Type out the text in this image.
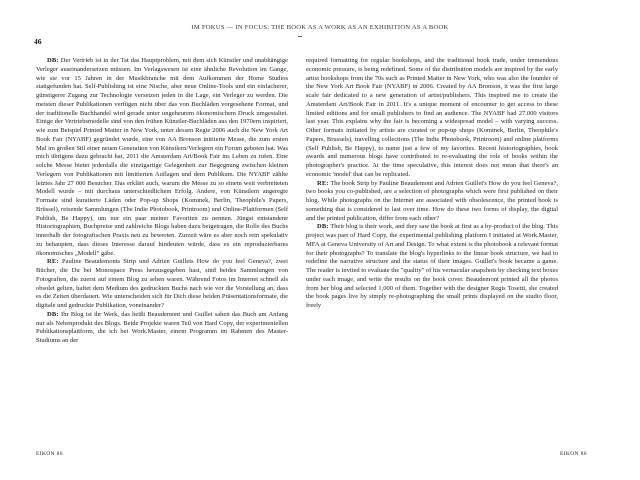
IM FOKUS — IN FOCUS: THE BOOK AS A WORK AS AN EXHIBITION AS A BOOK
46

DB: Der Vertrieb ist in der Tat das Hauptproblem, mit dem sich Künstler und unabhängige Verleger auseinandersetzen müssen. Im Verlagswesen ist eine ähnliche Revolution im Gange, wie sie vor 15 Jahren in der Musikbranche mit dem Aufkommen der Home Studios stattgefunden hat. Self-Publishing ist eine Nische, aber neue Online-Tools und ein einfacherer, günstigerer Zugang zur Technologie versetzen jeden in die Lage, ein Verleger zu werden. Die meisten dieser Publikationen verfügen nicht über das von Buchläden vorgesehene Format, und der traditionelle Buchhandel wird gerade unter ungeheurem ökonomischem Druck umgestaltet. Einige der Vertriebsmodelle sind von den frühen Künstler-Buchläden aus den 1970ern inspiriert, wie zum Beispiel Printed Matter in New York, unter dessen Regie 2006 auch die New York Art Book Fair (NYABF) gegründet wurde, eine von AA Bronson initiierte Messe, die zum ersten Mal im großen Stil einer neuen Generation von Künstlern/Verlegern ein Forum geboten hat. Was mich übrigens dazu gebracht hat, 2011 die Amsterdam Art/Book Fair ins Leben zu rufen. Eine solche Messe bietet jedenfalls die einzigartige Gelegenheit zur Begegnung zwischen kleinen Verlegern von Publikationen mit limitierten Auflagen und dem Publikum. Die NYABF zählte letztes Jahr 27 000 Besucher. Das erklärt auch, warum die Messe zu so einem weit verbreiteten Modell wurde – mit durchaus unterschiedlichem Erfolg. Andere, von Künstlern angeregte Formate sind kuratierte Läden oder Pop-up Shops (Kominek, Berlin, Theophile's Papers, Brüssel), reisende Sammlungen (The Indie Photobook, Printroom) und Online-Plattformen (Self Publish, Be Happy), um nur ein paar meiner Favoriten zu nennen. Jüngst entstandene Historiographien, Buchpreise und zahlreiche Blogs haben dazu beigetragen, die Rolle des Buchs innerhalb der fotografischen Praxis neu zu bewerten. Zurzeit wäre es aber noch rein spekulativ zu behaupten, dass dieses Interesse darauf hindeuten würde, dass es ein reproduzierbares ökonomisches „Modell“ gäbe.

RE: Pauline Beaudemonts Strip und Adrien Guillets How do you feel Geneva?, zwei Bücher, die Du bei Monospace Press herausgegeben hast, sind beides Sammlungen von Fotografien, die zuerst auf einem Blog zu sehen waren. Während Fotos im Internet schnell als obsolet gelten, haftet dem Medium des gedruckten Buchs nach wie vor die Vorstellung an, dass es die Zeiten überdauert. Wie unterscheiden sich für Dich diese beiden Präsentationsformate, die digitale und gedruckte Publikation, voneinander?

DB: Ihr Blog ist ihr Werk, das heißt Beaudemont und Guillet sahen das Buch am Anfang nur als Nebenprodukt des Blogs. Beide Projekte waren Teil von Hard Copy, der experimentellen Publikationsplattform, die ich bei Work.Master, einem Programm im Rahmen des Master-Studiums an der

required formatting for regular bookshops, and the traditional book trade, under tremendous economic pressure, is being redefined. Some of the distribution models are inspired by the early artist bookshops from the 70s such as Printed Matter in New York, who was also the founder of the New York Art Book Fair (NYABF) in 2006. Created by AA Bronson, it was the first large scale fair dedicated to a new generation of artist/publishers. This inspired me to create the Amsterdam Art/Book Fair in 2011. It's a unique moment of encounter to get access to these limited editions and for small publishers to find an audience. The NYABF had 27.000 visitors last year. This explains why the fair is becoming a widespread model – with varying success. Other formats initiated by artists are curated or pop-up shops (Kominek, Berlin, Theophile's Papers, Brussels), travelling collections (The Indie Photobook, Printroom) and online platforms (Self Publish, Be Happy), to name just a few of my favorites. Recent historiographies, book awards and numerous blogs have contributed to re-evaluating the role of books within the photographer's practice. At the time speculative, this interest does not mean that there's an economic 'model' that can be replicated.

RE: The book Strip by Pauline Beaudemont and Adrien Guillet's How do you feel Geneva?, two books you co-published, are a selection of photographs which were first published on their blog. While photographs on the Internet are associated with obsolescence, the printed book is something that is considered to last over time. How do these two forms of display, the digital and the printed publication, differ from each other?

DB: Their blog is their work, and they saw the book at first as a by-product of the blog. This project was part of Hard Copy, the experimental publishing platform I initiated at Work.Master, MFA at Geneva University of Art and Design. To what extent is the photobook a relevant format for their photographs? To translate the blog's hyperlinks to the linear book structure, we had to redefine the narrative structure and the status of their images. Guillet's book became a game. The reader is invited to evaluate the "quality" of his vernacular snapshots by checking text boxes under each image, and write the results on the book cover. Beaudemont printed all the photos from her blog and selected 1,000 of them. Together with the designer Regis Tosetti, she created the book pages live by simply re-photographing the small prints displayed on the studio floor, freely

EIKON 86	EIKON 86
